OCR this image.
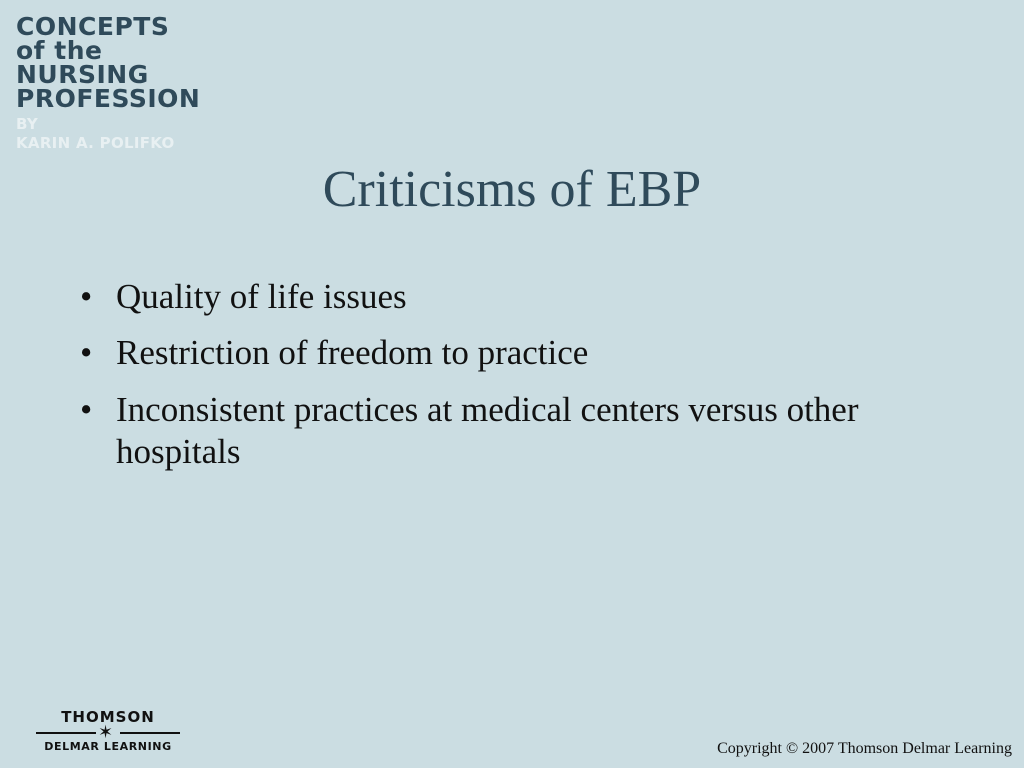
CONCEPTS
of the
NURSING
PROFESSION
BY
KARIN A. POLIFKO
Criticisms of EBP
• Quality of life issues
• Restriction of freedom to practice
• Inconsistent practices at medical centers versus other hospitals
THOMSON
✶
DELMAR LEARNING	Copyright © 2007 Thomson Delmar Learning
